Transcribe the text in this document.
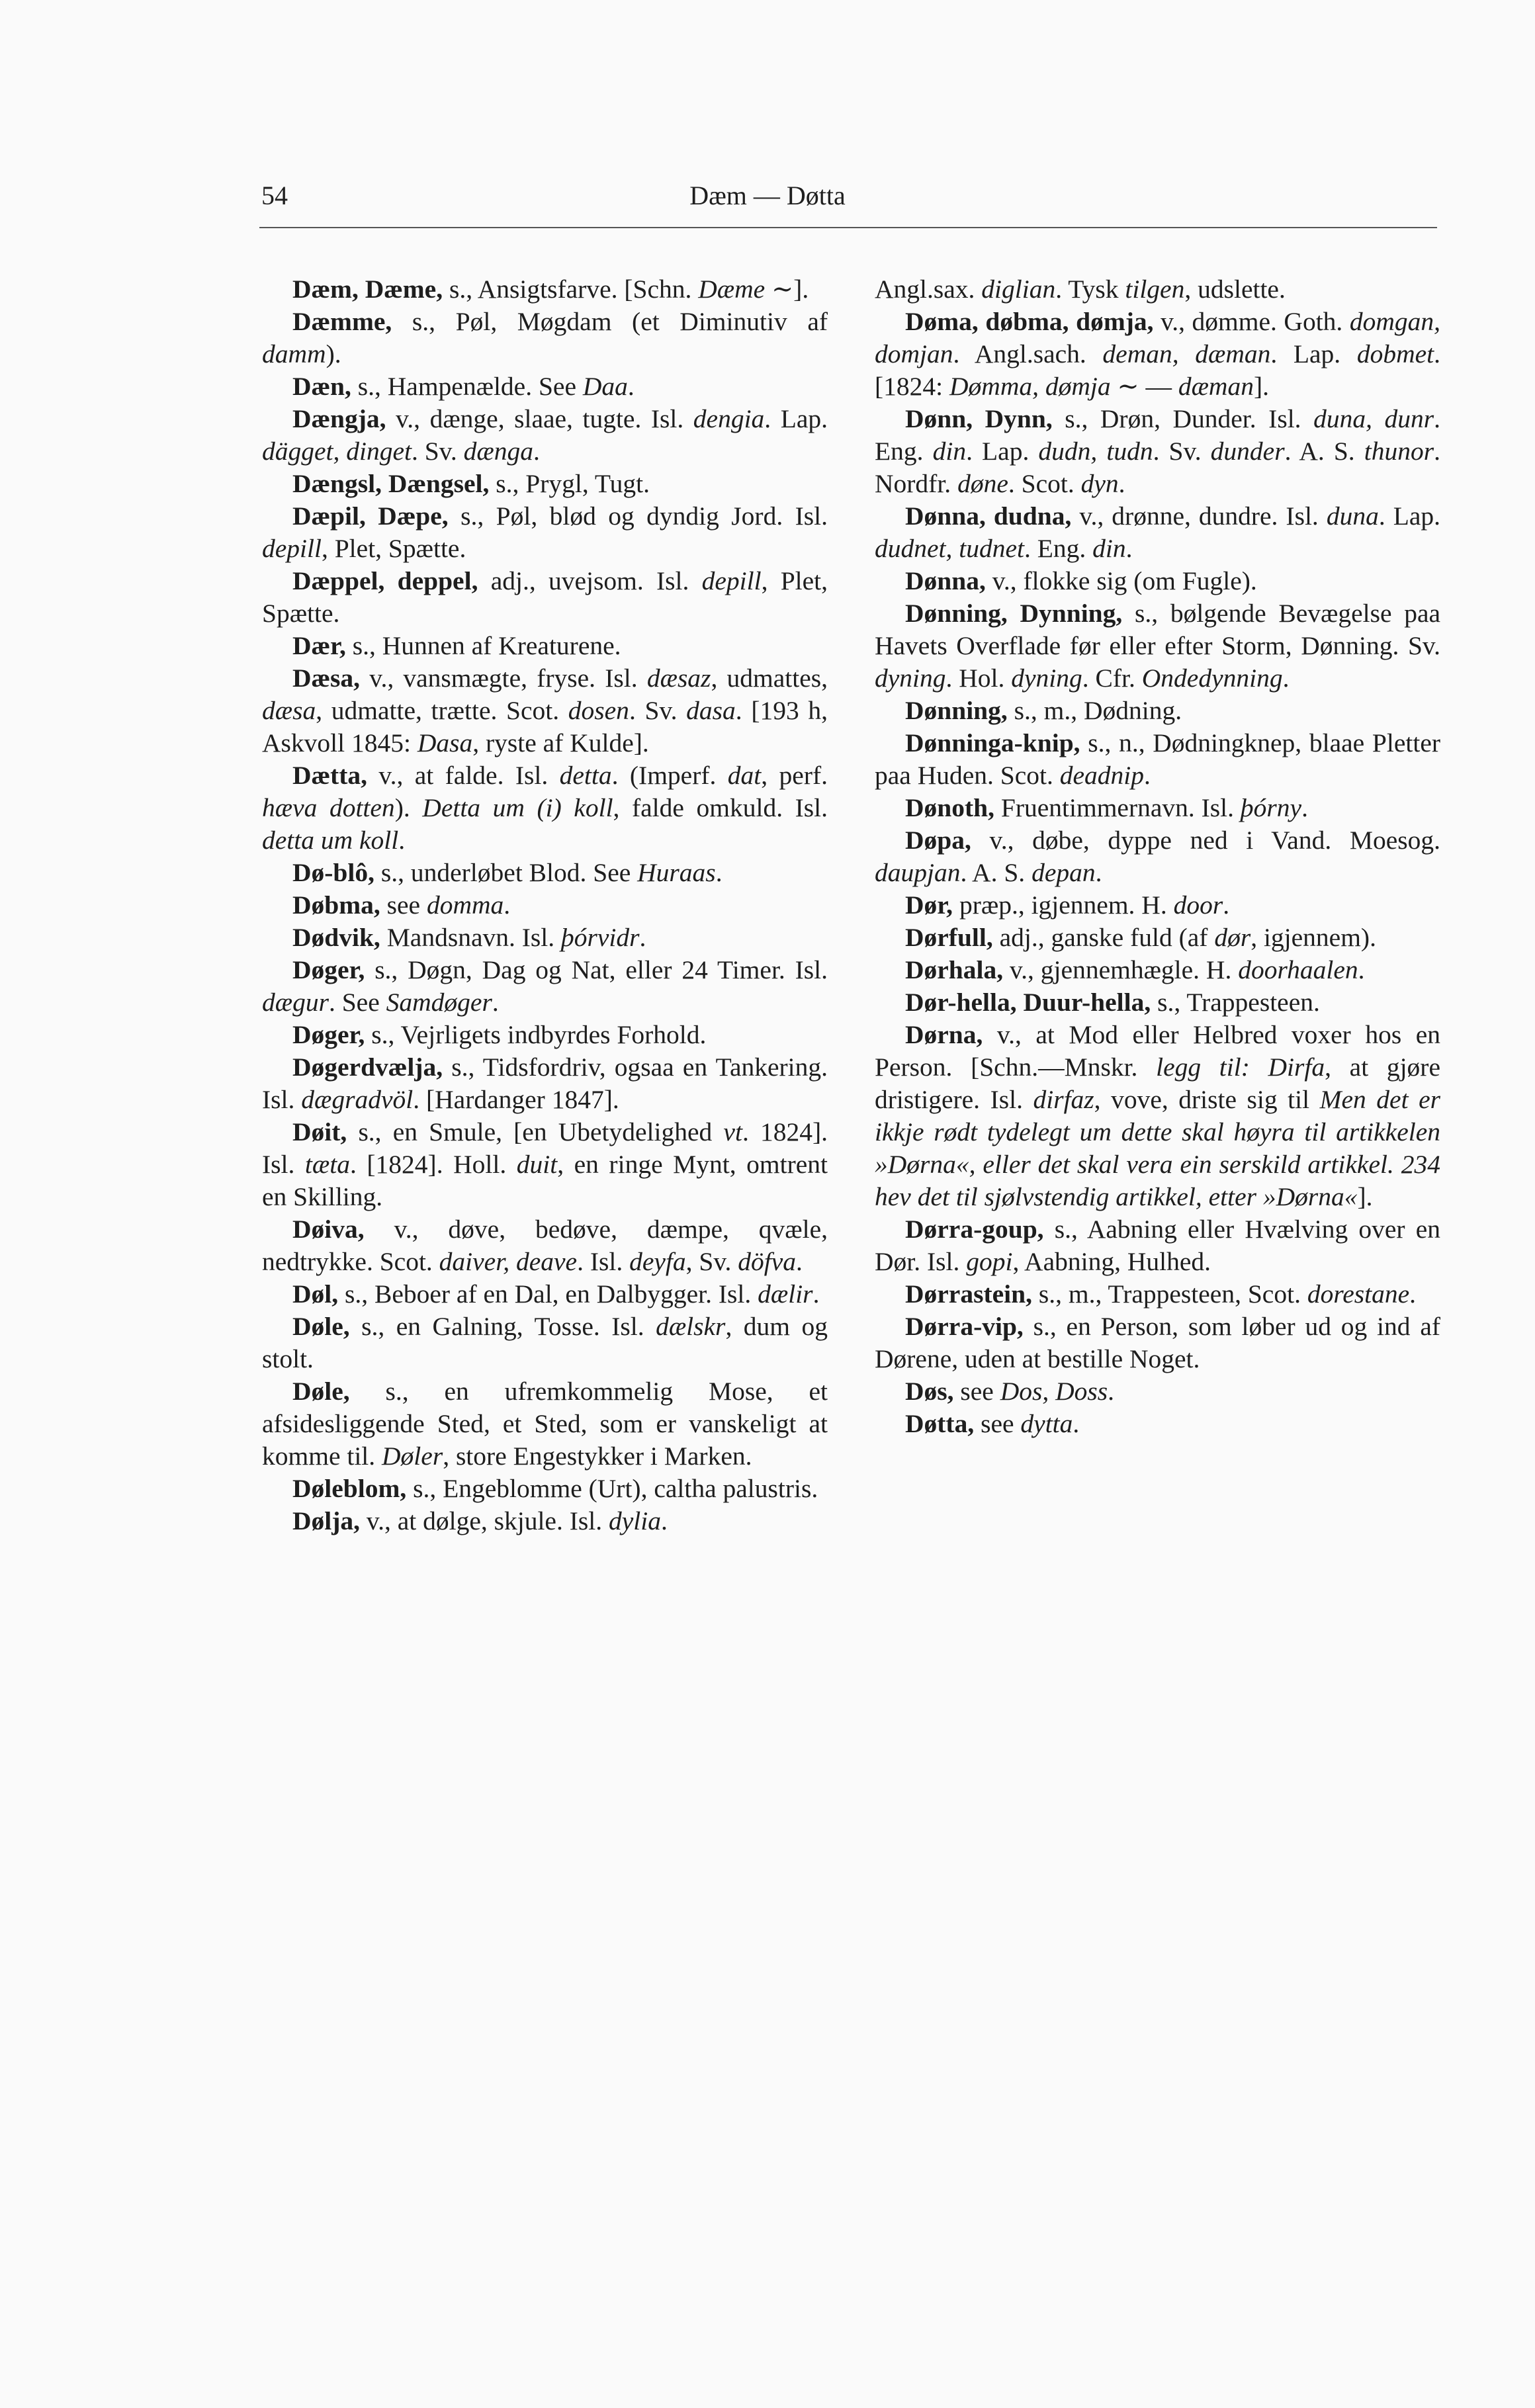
54	Dæm — Døtta

Dæm, Dæme, s., Ansigtsfarve. [Schn. Dæme ∼].

Dæmme, s., Pøl, Møgdam (et Diminutiv af damm).

Dæn, s., Hampenælde. See Daa.

Dængja, v., dænge, slaae, tugte. Isl. dengia. Lap. dägget, dinget. Sv. dænga.

Dængsl, Dængsel, s., Prygl, Tugt.

Dæpil, Dæpe, s., Pøl, blød og dyndig Jord. Isl. depill, Plet, Spætte.

Dæppel, deppel, adj., uvejsom. Isl. depill, Plet, Spætte.

Dær, s., Hunnen af Kreaturene.

Dæsa, v., vansmægte, fryse. Isl. dæsaz, udmattes, dæsa, udmatte, trætte. Scot. dosen. Sv. dasa. [193 h, Askvoll 1845: Dasa, ryste af Kulde].

Dætta, v., at falde. Isl. detta. (Imperf. dat, perf. hæva dotten). Detta um (i) koll, falde omkuld. Isl. detta um koll.

Dø-blô, s., underløbet Blod. See Huraas.

Døbma, see domma.

Dødvik, Mandsnavn. Isl. þórvidr.

Døger, s., Døgn, Dag og Nat, eller 24 Timer. Isl. dægur. See Samdøger.

Døger, s., Vejrligets indbyrdes Forhold.

Døgerdvælja, s., Tidsfordriv, ogsaa en Tankering. Isl. dægradvöl. [Hardanger 1847].

Døit, s., en Smule, [en Ubetydelighed vt. 1824]. Isl. tæta. [1824]. Holl. duit, en ringe Mynt, omtrent en Skilling.

Døiva, v., døve, bedøve, dæmpe, qvæle, nedtrykke. Scot. daiver, deave. Isl. deyfa, Sv. döfva.

Døl, s., Beboer af en Dal, en Dalbygger. Isl. dælir.

Døle, s., en Galning, Tosse. Isl. dælskr, dum og stolt.

Døle, s., en ufremkommelig Mose, et afsidesliggende Sted, et Sted, som er vanskeligt at komme til. Døler, store Engestykker i Marken.

Døleblom, s., Engeblomme (Urt), caltha palustris.

Dølja, v., at dølge, skjule. Isl. dylia.

Angl.sax. diglian. Tysk tilgen, udslette.

Døma, døbma, dømja, v., dømme. Goth. domgan, domjan. Angl.sach. deman, dæman. Lap. dobmet. [1824: Dømma, dømja ∼ — dæman].

Dønn, Dynn, s., Drøn, Dunder. Isl. duna, dunr. Eng. din. Lap. dudn, tudn. Sv. dunder. A. S. thunor. Nordfr. døne. Scot. dyn.

Dønna, dudna, v., drønne, dundre. Isl. duna. Lap. dudnet, tudnet. Eng. din.

Dønna, v., flokke sig (om Fugle).

Dønning, Dynning, s., bølgende Bevægelse paa Havets Overflade før eller efter Storm, Dønning. Sv. dyning. Hol. dyning. Cfr. Ondedynning.

Dønning, s., m., Dødning.

Dønninga-knip, s., n., Dødningknep, blaae Pletter paa Huden. Scot. deadnip.

Dønoth, Fruentimmernavn. Isl. þórny.

Døpa, v., døbe, dyppe ned i Vand. Moesog. daupjan. A. S. depan.

Dør, præp., igjennem. H. door.

Dørfull, adj., ganske fuld (af dør, igjennem).

Dørhala, v., gjennemhægle. H. doorhaalen.

Dør-hella, Duur-hella, s., Trappesteen.

Dørna, v., at Mod eller Helbred voxer hos en Person. [Schn.—Mnskr. legg til: Dirfa, at gjøre dristigere. Isl. dirfaz, vove, driste sig til Men det er ikkje rødt tydelegt um dette skal høyra til artikkelen »Dørna«, eller det skal vera ein serskild artikkel. 234 hev det til sjølvstendig artikkel, etter »Dørna«].

Dørra-goup, s., Aabning eller Hvælving over en Dør. Isl. gopi, Aabning, Hulhed.

Dørrastein, s., m., Trappesteen, Scot. dorestane.

Dørra-vip, s., en Person, som løber ud og ind af Dørene, uden at bestille Noget.

Døs, see Dos, Doss.

Døtta, see dytta.
